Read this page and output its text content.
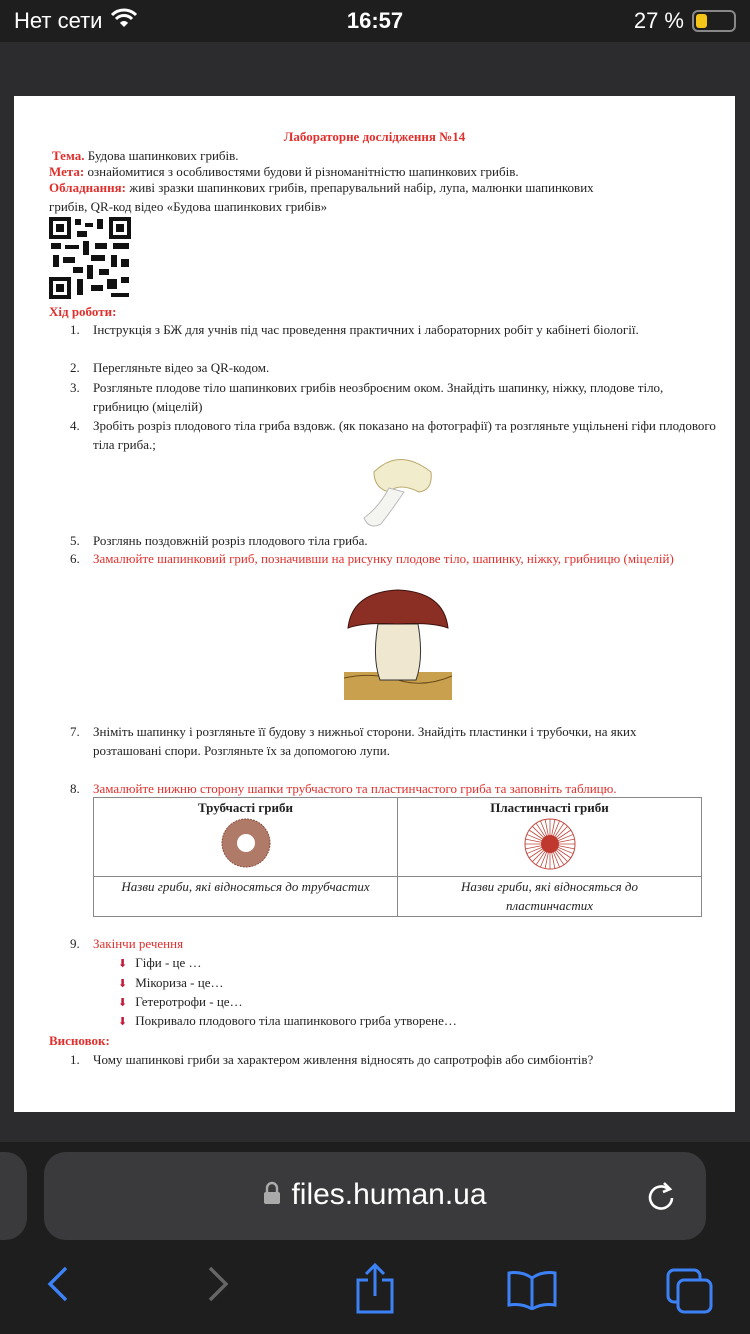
Нет сети	16:57	27 %
Лабораторне дослідження №14
Тема. Будова шапинкових грибів.
Мета: ознайомитися з особливостями будови й різноманітністю шапинкових грибів.
Обладнання: живі зразки шапинкових грибів, препарувальний набір, лупа, малюнки шапинкових
грибів, QR-код відео «Будова шапинкових грибів»
Хід роботи:
1. Інструкція з БЖ для учнів під час проведення практичних і лабораторних робіт у кабінеті біології.
2. Перегляньте відео за QR-кодом.
3. Розгляньте плодове тіло шапинкових грибів неозброєним оком. Знайдіть шапинку, ніжку, плодове тіло, грибницю (міцелій)
4. Зробіть розріз плодового тіла гриба вздовж. (як показано на фотографії) та розгляньте ущільнені гіфи плодового тіла гриба.;
5. Розглянь поздовжній розріз плодового тіла гриба.
6. Замалюйте шапинковий гриб, позначивши на рисунку плодове тіло, шапинку, ніжку, грибницю (міцелій)
7. Зніміть шапинку і розгляньте її будову з нижньої сторони. Знайдіть пластинки і трубочки, на яких розташовані спори. Розгляньте їх за допомогою лупи.
8. Замалюйте нижню сторону шапки трубчастого та пластинчастого гриба та заповніть таблицю.
Трубчасті гриби	Пластинчасті гриби

Назви гриби, які відносяться до трубчастих	Назви гриби, які відносяться до пластинчастих
9. Закінчи речення
⬇ Гіфи - це …
⬇ Мікориза - це…
⬇ Гетеротрофи - це…
⬇ Покривало плодового тіла шапинкового гриба утворене…
Висновок:
1. Чому шапинкові гриби за характером живлення відносять до сапротрофів або симбіонтів?
files.human.ua
